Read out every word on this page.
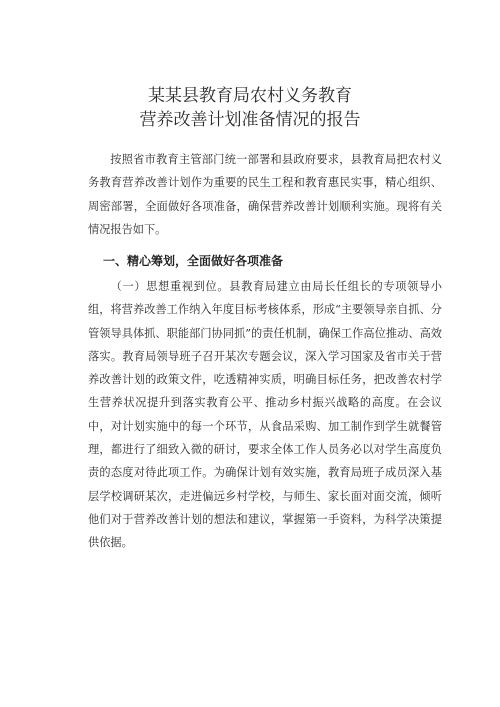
某某县教育局农村义务教育
营养改善计划准备情况的报告

按照省市教育主管部门统一部署和县政府要求，县教育局把农村义务教育营养改善计划作为重要的民生工程和教育惠民实事，精心组织、周密部署，全面做好各项准备，确保营养改善计划顺利实施。现将有关情况报告如下。

一、精心筹划，全面做好各项准备

（一）思想重视到位。县教育局建立由局长任组长的专项领导小组，将营养改善工作纳入年度目标考核体系，形成“主要领导亲自抓、分管领导具体抓、职能部门协同抓”的责任机制，确保工作高位推动、高效落实。教育局领导班子召开某次专题会议，深入学习国家及省市关于营养改善计划的政策文件，吃透精神实质，明确目标任务，把改善农村学生营养状况提升到落实教育公平、推动乡村振兴战略的高度。在会议中，对计划实施中的每一个环节，从食品采购、加工制作到学生就餐管理，都进行了细致入微的研讨，要求全体工作人员务必以对学生高度负责的态度对待此项工作。为确保计划有效实施，教育局班子成员深入基层学校调研某次，走进偏远乡村学校，与师生、家长面对面交流，倾听他们对于营养改善计划的想法和建议，掌握第一手资料，为科学决策提供依据。
